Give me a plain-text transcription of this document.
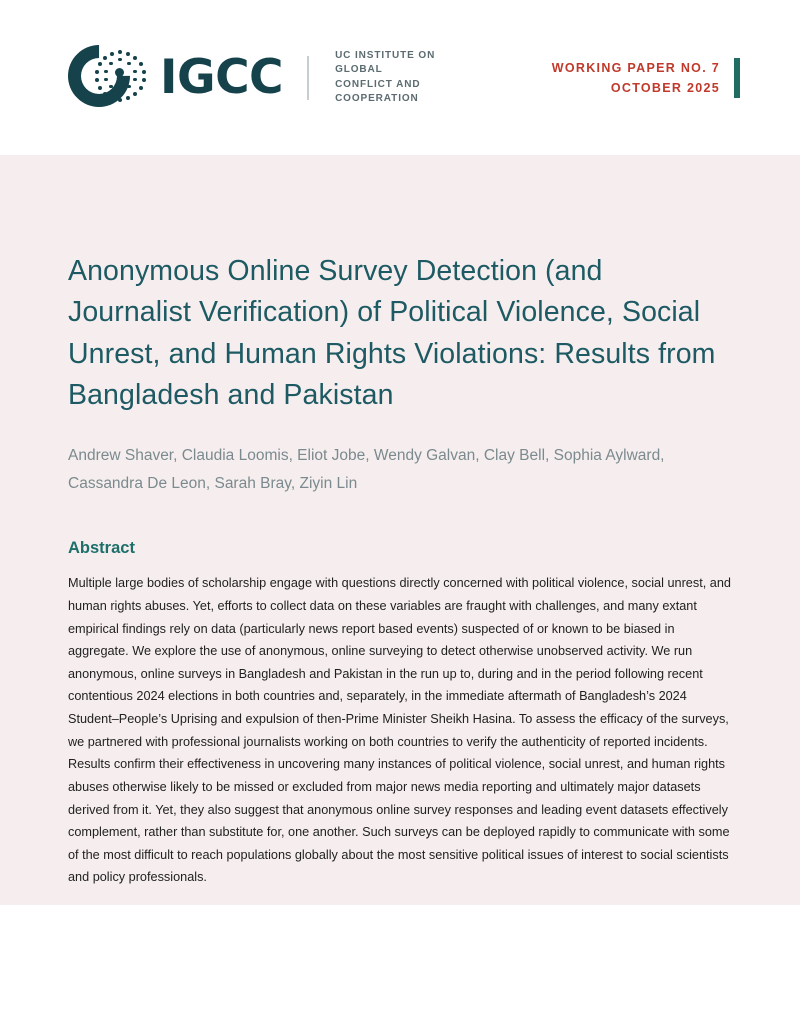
IGCC	UC INSTITUTE ON GLOBAL
CONFLICT AND COOPERATION
WORKING PAPER NO. 7
OCTOBER 2025
Anonymous Online Survey Detection (and Journalist Verification) of Political Violence, Social Unrest, and Human Rights Violations: Results from Bangladesh and Pakistan

Andrew Shaver, Claudia Loomis, Eliot Jobe, Wendy Galvan, Clay Bell, Sophia Aylward, Cassandra De Leon, Sarah Bray, Ziyin Lin

Abstract

Multiple large bodies of scholarship engage with questions directly concerned with political violence, social unrest, and human rights abuses. Yet, efforts to collect data on these variables are fraught with challenges, and many extant empirical findings rely on data (particularly news report based events) suspected of or known to be biased in aggregate. We explore the use of anonymous, online surveying to detect otherwise unobserved activity. We run anonymous, online surveys in Bangladesh and Pakistan in the run up to, during and in the period following recent contentious 2024 elections in both countries and, separately, in the immediate aftermath of Bangladesh’s 2024 Student–People’s Uprising and expulsion of then-Prime Minister Sheikh Hasina. To assess the efficacy of the surveys, we partnered with professional journalists working on both countries to verify the authenticity of reported incidents. Results confirm their effectiveness in uncovering many instances of political violence, social unrest, and human rights abuses otherwise likely to be missed or excluded from major news media reporting and ultimately major datasets derived from it. Yet, they also suggest that anonymous online survey responses and leading event datasets effectively complement, rather than substitute for, one another. Such surveys can be deployed rapidly to communicate with some of the most difficult to reach populations globally about the most sensitive political issues of interest to social scientists and policy professionals.
